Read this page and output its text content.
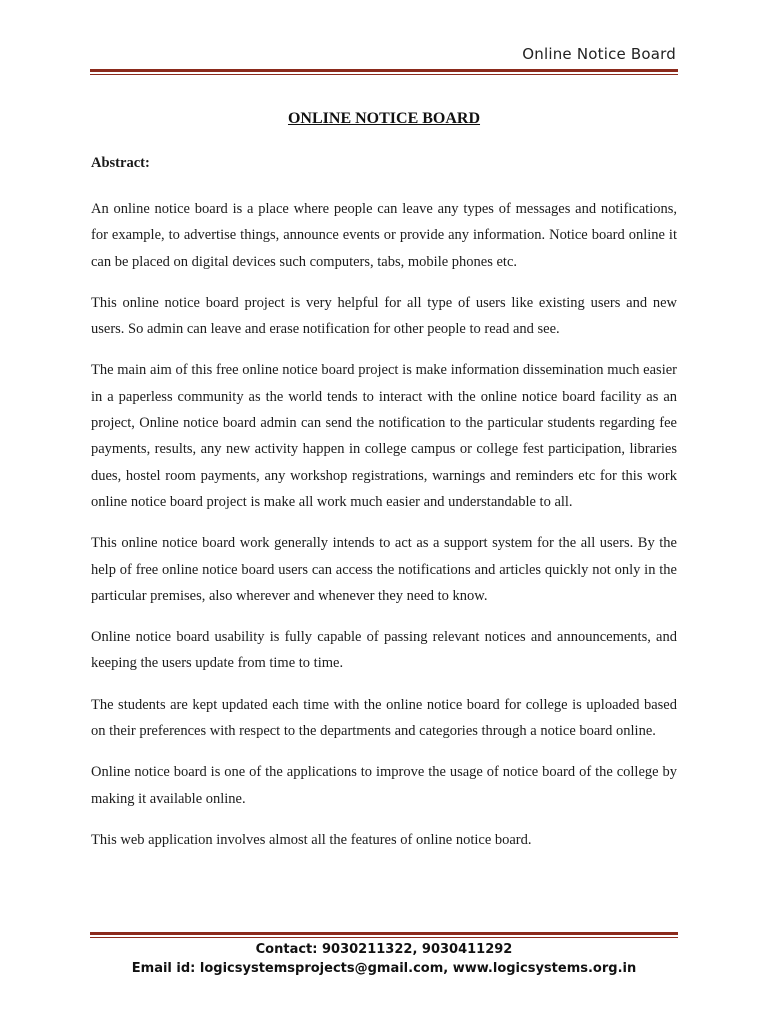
Online Notice Board
ONLINE NOTICE BOARD
Abstract:

An online notice board is a place where people can leave any types of messages and notifications, for example, to advertise things, announce events or provide any information. Notice board online it can be placed on digital devices such computers, tabs, mobile phones etc.

This online notice board project is very helpful for all type of users like existing users and new users. So admin can leave and erase notification for other people to read and see.

The main aim of this free online notice board project is make information dissemination much easier in a paperless community as the world tends to interact with the online notice board facility as an project, Online notice board admin can send the notification to the particular students regarding fee payments, results, any new activity happen in college campus or college fest participation, libraries dues, hostel room payments, any workshop registrations, warnings and reminders etc for this work online notice board project is make all work much easier and understandable to all.

This online notice board work generally intends to act as a support system for the all users. By the help of free online notice board users can access the notifications and articles quickly not only in the particular premises, also wherever and whenever they need to know.

Online notice board usability is fully capable of passing relevant notices and announcements, and keeping the users update from time to time.

The students are kept updated each time with the online notice board for college is uploaded based on their preferences with respect to the departments and categories through a notice board online.

Online notice board is one of the applications to improve the usage of notice board of the college by making it available online.

This web application involves almost all the features of online notice board.

Contact: 9030211322, 9030411292
Email id: logicsystemsprojects@gmail.com, www.logicsystems.org.in
